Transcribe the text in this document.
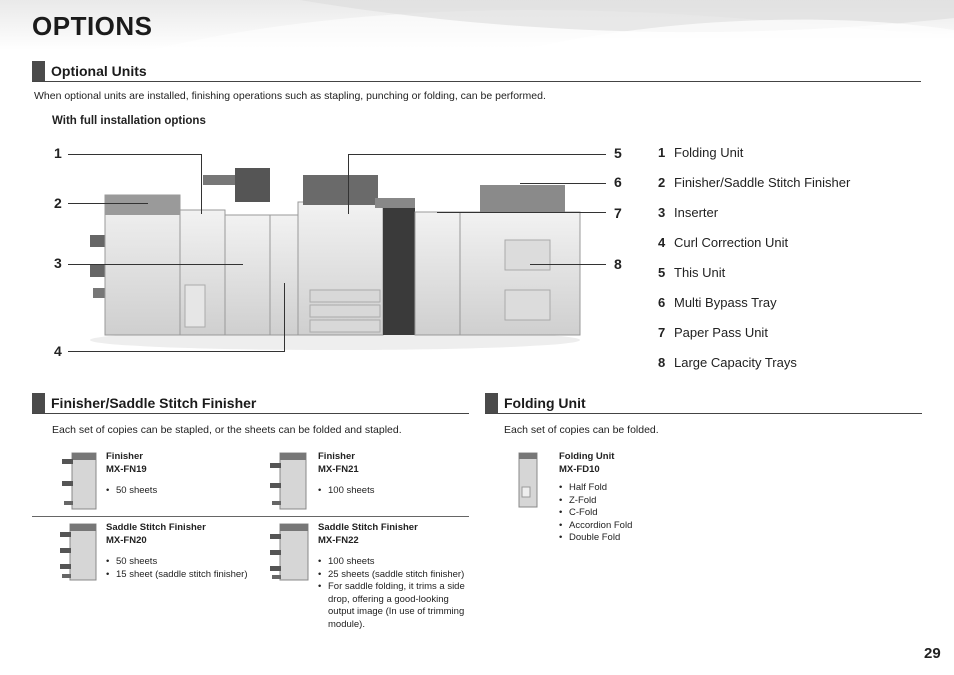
OPTIONS
Optional Units
When optional units are installed, finishing operations such as stapling, punching or folding, can be performed.
With full installation options
1
2
3
4
5
6
7
8
1 Folding Unit
2 Finisher/Saddle Stitch Finisher
3 Inserter
4 Curl Correction Unit
5 This Unit
6 Multi Bypass Tray
7 Paper Pass Unit
8 Large Capacity Trays
Finisher/Saddle Stitch Finisher
Each set of copies can be stapled, or the sheets can be folded and stapled.
Folding Unit
Each set of copies can be folded.
Finisher
MX-FN19
• 50 sheets
Finisher
MX-FN21
• 100 sheets
Saddle Stitch Finisher
MX-FN20
• 50 sheets
• 15 sheet (saddle stitch finisher)
Saddle Stitch Finisher
MX-FN22
• 100 sheets
• 25 sheets (saddle stitch finisher)
• For saddle folding, it trims a side drop, offering a good-looking output image (In use of trimming module).
Folding Unit
MX-FD10
• Half Fold
• Z-Fold
• C-Fold
• Accordion Fold
• Double Fold
29
